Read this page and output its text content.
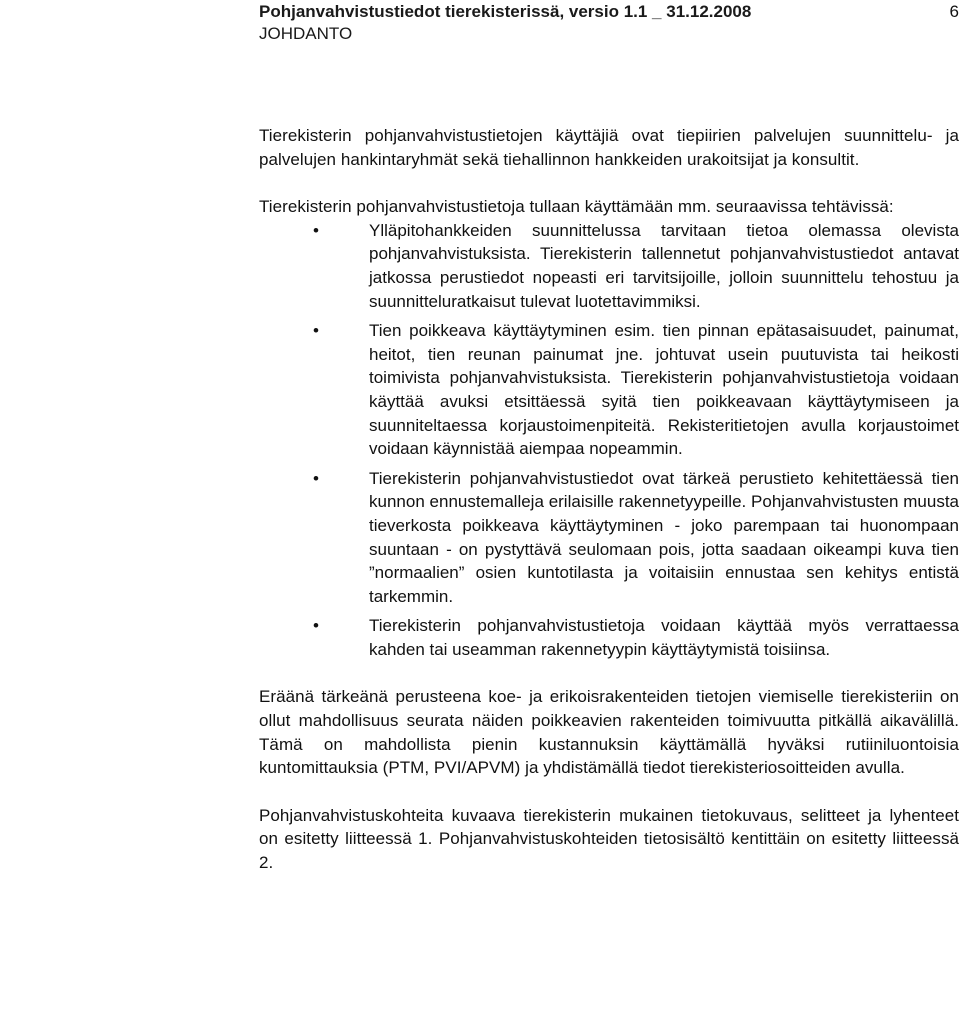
Pohjanvahvistustiedot tierekisterissä, versio 1.1 _ 31.12.2008
JOHDANTO
6

Tierekisterin pohjanvahvistustietojen käyttäjiä ovat tiepiirien palvelujen suunnittelu- ja palvelujen hankintaryhmät sekä tiehallinnon hankkeiden urakoitsijat ja konsultit.

Tierekisterin pohjanvahvistustietoja tullaan käyttämään mm. seuraavissa tehtävissä:

•	Ylläpitohankkeiden suunnittelussa tarvitaan tietoa olemassa olevista pohjanvahvistuksista. Tierekisterin tallennetut pohjanvahvistustiedot antavat jatkossa perustiedot nopeasti eri tarvitsijoille, jolloin suunnittelu tehostuu ja suunnitteluratkaisut tulevat luotettavimmiksi.
•	Tien poikkeava käyttäytyminen esim. tien pinnan epätasaisuudet, painumat, heitot, tien reunan painumat jne. johtuvat usein puutuvista tai heikosti toimivista pohjanvahvistuksista. Tierekisterin pohjanvahvistustietoja voidaan käyttää avuksi etsittäessä syitä tien poikkeavaan käyttäytymiseen ja suunniteltaessa korjaustoimenpiteitä. Rekisteritietojen avulla korjaustoimet voidaan käynnistää aiempaa nopeammin.
•	Tierekisterin pohjanvahvistustiedot ovat tärkeä perustieto kehitettäessä tien kunnon ennustemalleja erilaisille rakennetyypeille. Pohjanvahvistusten muusta tieverkosta poikkeava käyttäytyminen - joko parempaan tai huonompaan suuntaan - on pystyttävä seulomaan pois, jotta saadaan oikeampi kuva tien ”normaalien” osien kuntotilasta ja voitaisiin ennustaa sen kehitys entistä tarkemmin.
•	Tierekisterin pohjanvahvistustietoja voidaan käyttää myös verrattaessa kahden tai useamman rakennetyypin käyttäytymistä toisiinsa.

Eräänä tärkeänä perusteena koe- ja erikoisrakenteiden tietojen viemiselle tierekisteriin on ollut mahdollisuus seurata näiden poikkeavien rakenteiden toimivuutta pitkällä aikavälillä. Tämä on mahdollista pienin kustannuksin käyttämällä hyväksi rutiiniluontoisia kuntomittauksia (PTM, PVI/APVM) ja yhdistämällä tiedot tierekisteriosoitteiden avulla.

Pohjanvahvistuskohteita kuvaava tierekisterin mukainen tietokuvaus, selitteet ja lyhenteet on esitetty liitteessä 1. Pohjanvahvistuskohteiden tietosisältö kentittäin on esitetty liitteessä 2.
